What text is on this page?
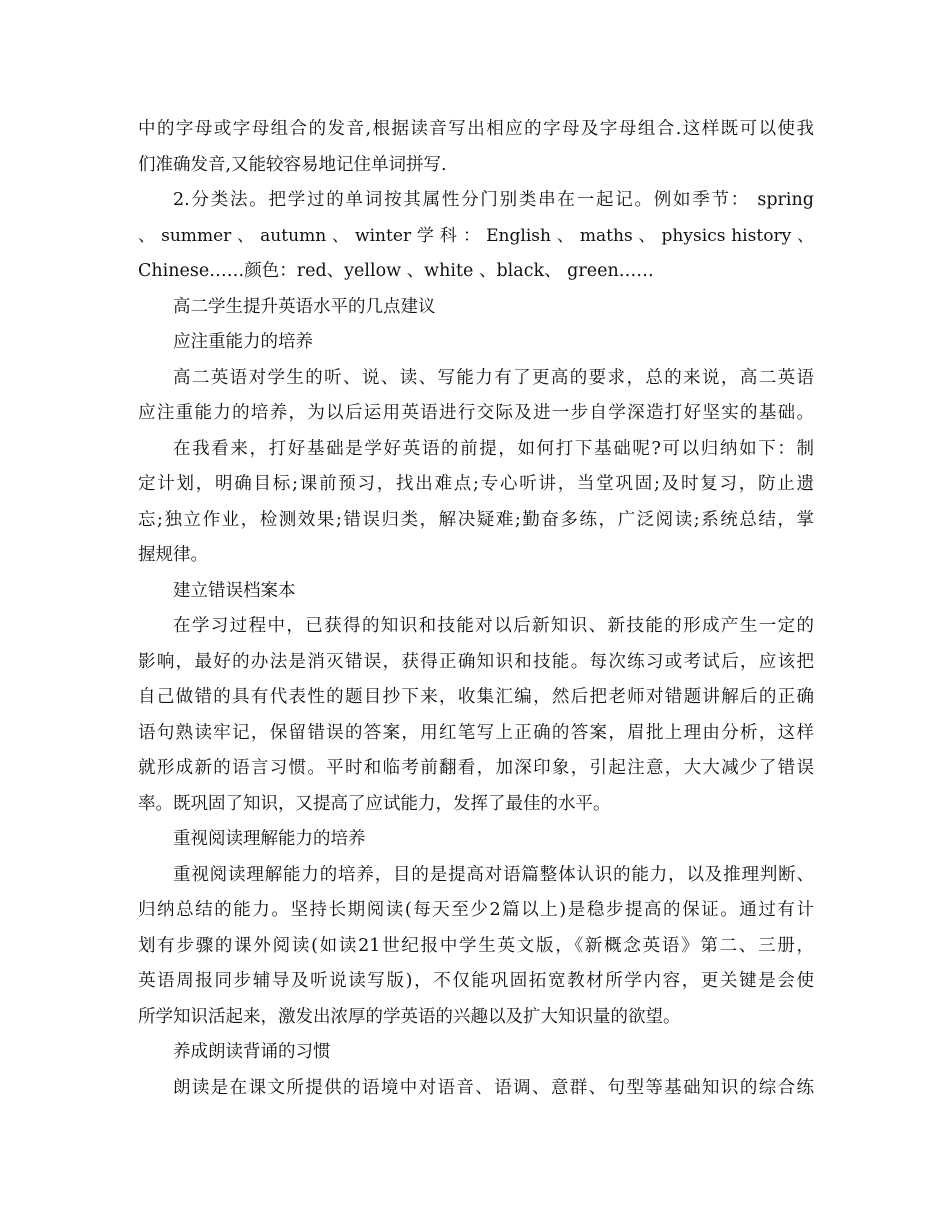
中的字母或字母组合的发音,根据读音写出相应的字母及字母组合.这样既可以使我
们准确发音,又能较容易地记住单词拼写.
2.分类法。把学过的单词按其属性分门别类串在一起记。例如季节： spring
、 summer 、 autumn 、 winter 学 科 ： English 、 maths 、 physics history 、
Chinese……颜色：red、yellow 、white 、black、 green……
高二学生提升英语水平的几点建议
应注重能力的培养
高二英语对学生的听、说、读、写能力有了更高的要求，总的来说，高二英语
应注重能力的培养，为以后运用英语进行交际及进一步自学深造打好坚实的基础。
在我看来，打好基础是学好英语的前提，如何打下基础呢?可以归纳如下：制
定计划，明确目标;课前预习，找出难点;专心听讲，当堂巩固;及时复习，防止遗
忘;独立作业，检测效果;错误归类，解决疑难;勤奋多练，广泛阅读;系统总结，掌
握规律。
建立错误档案本
在学习过程中，已获得的知识和技能对以后新知识、新技能的形成产生一定的
影响，最好的办法是消灭错误，获得正确知识和技能。每次练习或考试后，应该把
自己做错的具有代表性的题目抄下来，收集汇编，然后把老师对错题讲解后的正确
语句熟读牢记，保留错误的答案，用红笔写上正确的答案，眉批上理由分析，这样
就形成新的语言习惯。平时和临考前翻看，加深印象，引起注意，大大减少了错误
率。既巩固了知识，又提高了应试能力，发挥了最佳的水平。
重视阅读理解能力的培养
重视阅读理解能力的培养，目的是提高对语篇整体认识的能力，以及推理判断、
归纳总结的能力。坚持长期阅读(每天至少2篇以上)是稳步提高的保证。通过有计
划有步骤的课外阅读(如读21世纪报中学生英文版，《新概念英语》第二、三册，
英语周报同步辅导及听说读写版)，不仅能巩固拓宽教材所学内容，更关键是会使
所学知识活起来，激发出浓厚的学英语的兴趣以及扩大知识量的欲望。
养成朗读背诵的习惯
朗读是在课文所提供的语境中对语音、语调、意群、句型等基础知识的综合练
